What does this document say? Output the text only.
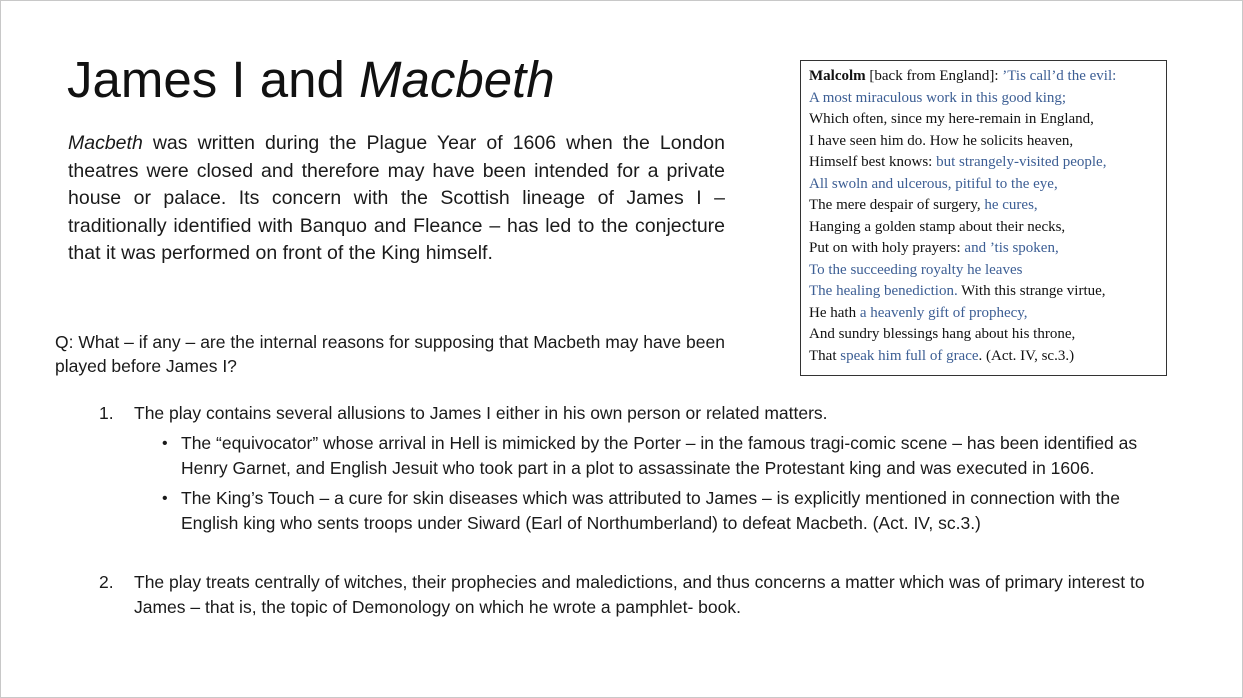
James I and Macbeth

Macbeth was written during the Plague Year of 1606 when the London theatres were closed and therefore may have been intended for a private house or palace. Its concern with the Scottish lineage of James I – traditionally identified with Banquo and Fleance – has led to the conjecture that it was performed on front of the King himself.

Q: What – if any – are the internal reasons for supposing that Macbeth may have been played before James I?

Malcolm [back from England]: ’Tis call’d the evil:
A most miraculous work in this good king;
Which often, since my here-remain in England,
I have seen him do. How he solicits heaven,
Himself best knows: but strangely-visited people,
All swoln and ulcerous, pitiful to the eye,
The mere despair of surgery, he cures,
Hanging a golden stamp about their necks,
Put on with holy prayers: and ’tis spoken,
To the succeeding royalty he leaves
The healing benediction. With this strange virtue,
He hath a heavenly gift of prophecy,
And sundry blessings hang about his throne,
That speak him full of grace. (Act. IV, sc.3.)
1. The play contains several allusions to James I either in his own person or related matters.
• The “equivocator” whose arrival in Hell is mimicked by the Porter – in the famous tragi-comic scene – has been identified as Henry Garnet, and English Jesuit who took part in a plot to assassinate the Protestant king and was executed in 1606.
• The King’s Touch – a cure for skin diseases which was attributed to James – is explicitly mentioned in connection with the English king who sents troops under Siward (Earl of Northumberland) to defeat Macbeth. (Act. IV, sc.3.)
2. The play treats centrally of witches, their prophecies and maledictions, and thus concerns a matter which was of primary interest to James – that is, the topic of Demonology on which he wrote a pamphlet- book.
